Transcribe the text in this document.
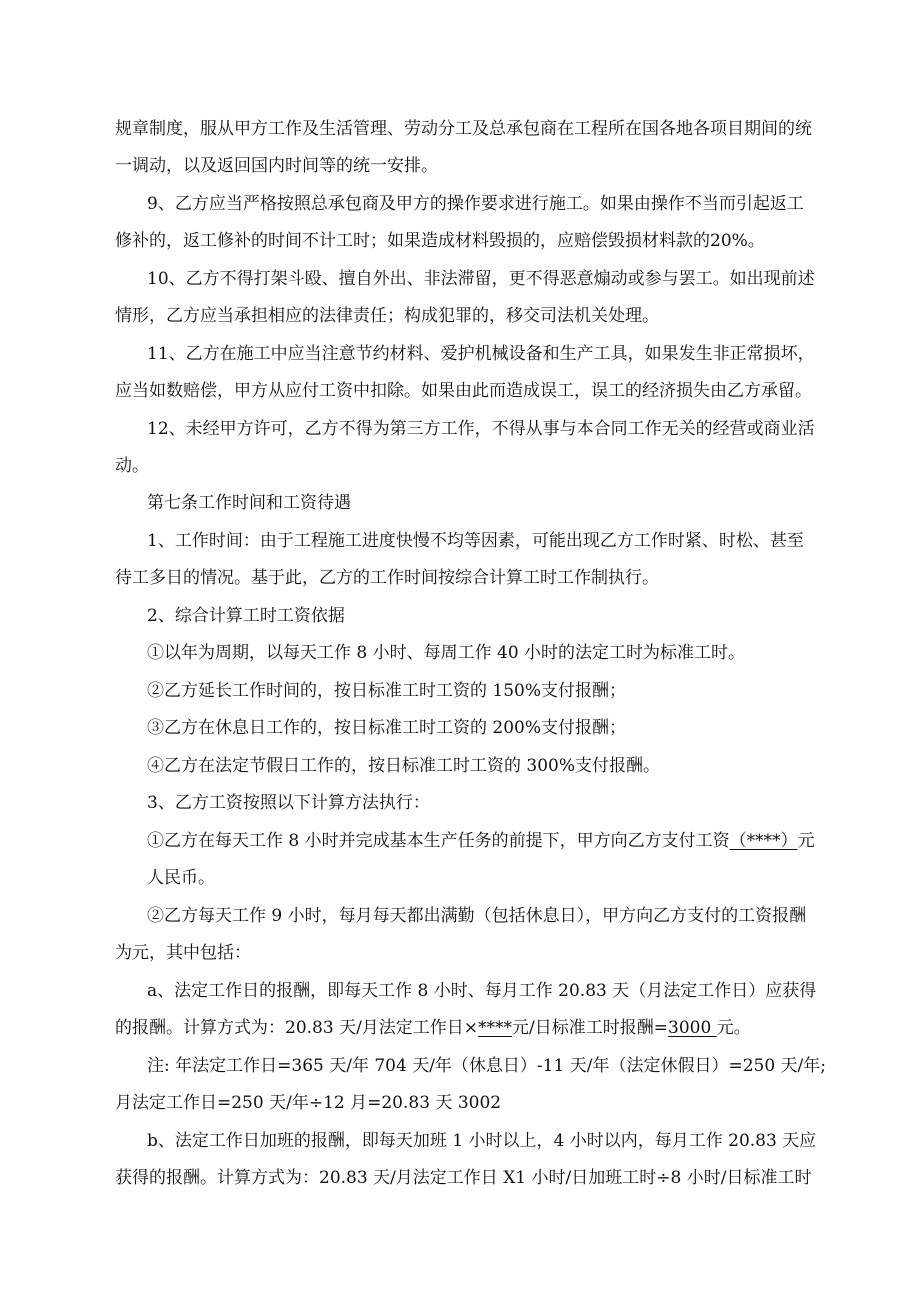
规章制度，服从甲方工作及生活管理、劳动分工及总承包商在工程所在国各地各项目期间的统

一调动，以及返回国内时间等的统一安排。

9、乙方应当严格按照总承包商及甲方的操作要求进行施工。如果由操作不当而引起返工

修补的，返工修补的时间不计工时；如果造成材料毁损的，应赔偿毁损材料款的20%。

10、乙方不得打架斗殴、擅自外出、非法滞留，更不得恶意煽动或参与罢工。如出现前述

情形，乙方应当承担相应的法律责任；构成犯罪的，移交司法机关处理。

11、乙方在施工中应当注意节约材料、爱护机械设备和生产工具，如果发生非正常损坏，

应当如数赔偿，甲方从应付工资中扣除。如果由此而造成误工，误工的经济损失由乙方承留。

12、未经甲方许可，乙方不得为第三方工作，不得从事与本合同工作无关的经营或商业活

动。

第七条工作时间和工资待遇

1、工作时间：由于工程施工进度快慢不均等因素，可能出现乙方工作时紧、时松、甚至

待工多日的情况。基于此，乙方的工作时间按综合计算工时工作制执行。

2、综合计算工时工资依据

①以年为周期，以每天工作 8 小时、每周工作 40 小时的法定工时为标准工时。

②乙方延长工作时间的，按日标准工时工资的 150%支付报酬；

③乙方在休息日工作的，按日标准工时工资的 200%支付报酬；

④乙方在法定节假日工作的，按日标准工时工资的 300%支付报酬。

3、乙方工资按照以下计算方法执行：

①乙方在每天工作 8 小时并完成基本生产任务的前提下，甲方向乙方支付工资（****）元

人民币。

②乙方每天工作 9 小时，每月每天都出满勤（包括休息日），甲方向乙方支付的工资报酬

为元，其中包括：

a、法定工作日的报酬，即每天工作 8 小时、每月工作 20.83 天（月法定工作日）应获得

的报酬。计算方式为：20.83 天/月法定工作日×****元/日标准工时报酬=3000 元。

注: 年法定工作日=365 天/年 704 天/年（休息日）-11 天/年（法定休假日）=250 天/年;

月法定工作日=250 天/年÷12 月=20.83 天 3002

b、法定工作日加班的报酬，即每天加班 1 小时以上，4 小时以内，每月工作 20.83 天应

获得的报酬。计算方式为：20.83 天/月法定工作日 X1 小时/日加班工时÷8 小时/日标准工时
